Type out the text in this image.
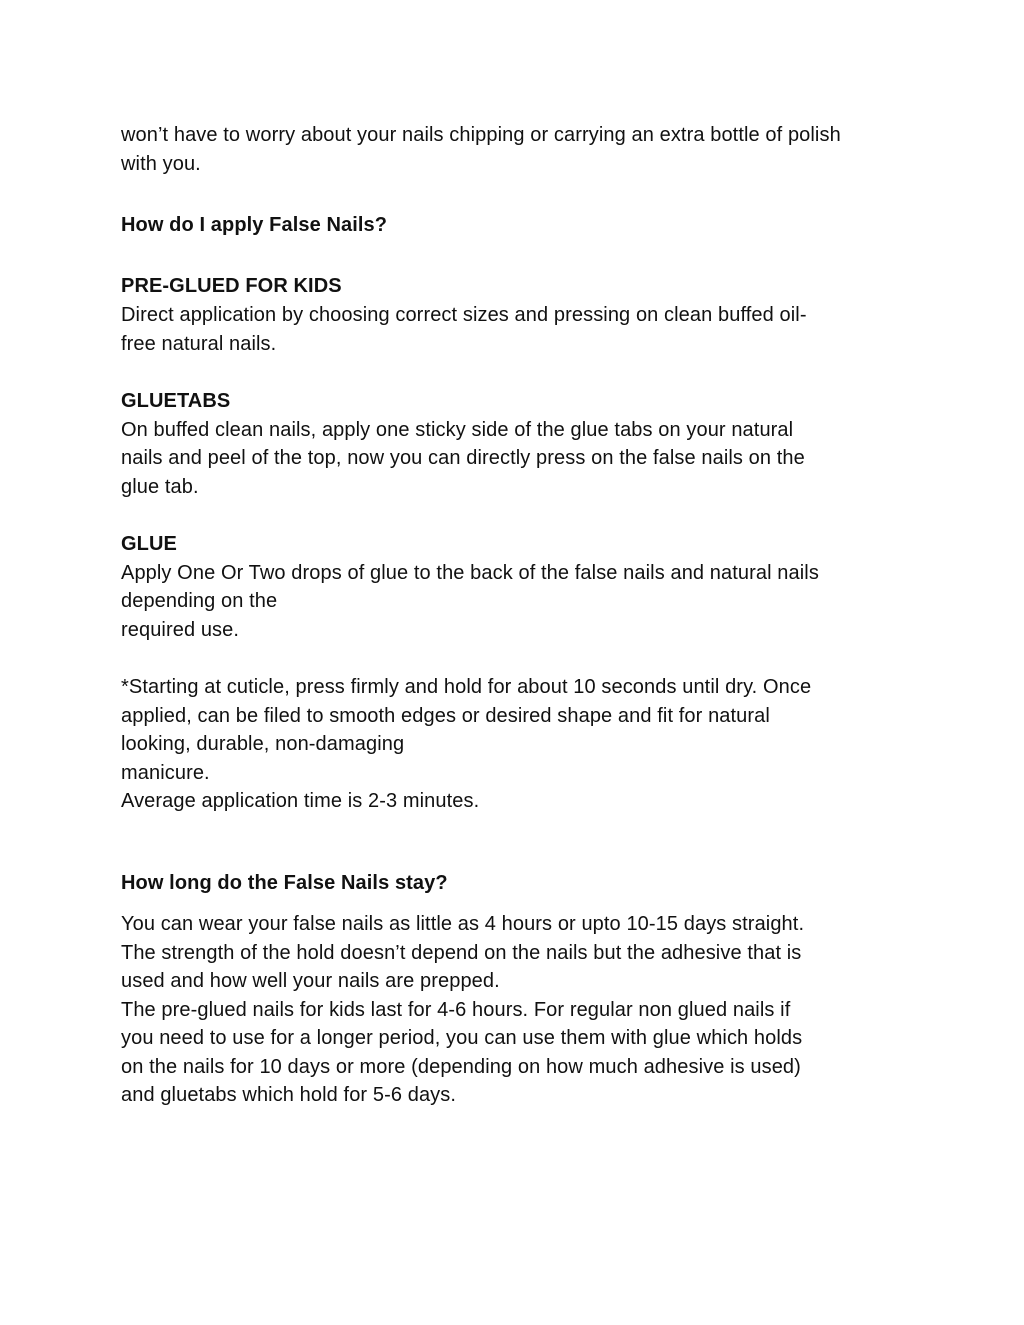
won’t have to worry about your nails chipping or carrying an extra bottle of polish
with you.
How do I apply False Nails?
PRE-GLUED FOR KIDS
Direct application by choosing correct sizes and pressing on clean buffed oil-
free natural nails.
GLUETABS
On buffed clean nails, apply one sticky side of the glue tabs on your natural
nails and peel of the top, now you can directly press on the false nails on the
glue tab.
GLUE
Apply One Or Two drops of glue to the back of the false nails and natural nails
depending on the
required use.
*Starting at cuticle, press firmly and hold for about 10 seconds until dry. Once
applied, can be filed to smooth edges or desired shape and fit for natural
looking, durable, non-damaging
manicure.
Average application time is 2-3 minutes.
How long do the False Nails stay?
You can wear your false nails as little as 4 hours or upto 10-15 days straight.
The strength of the hold doesn’t depend on the nails but the adhesive that is
used and how well your nails are prepped.
The pre-glued nails for kids last for 4-6 hours. For regular non glued nails if
you need to use for a longer period, you can use them with glue which holds
on the nails for 10 days or more (depending on how much adhesive is used)
and gluetabs which hold for 5-6 days.
